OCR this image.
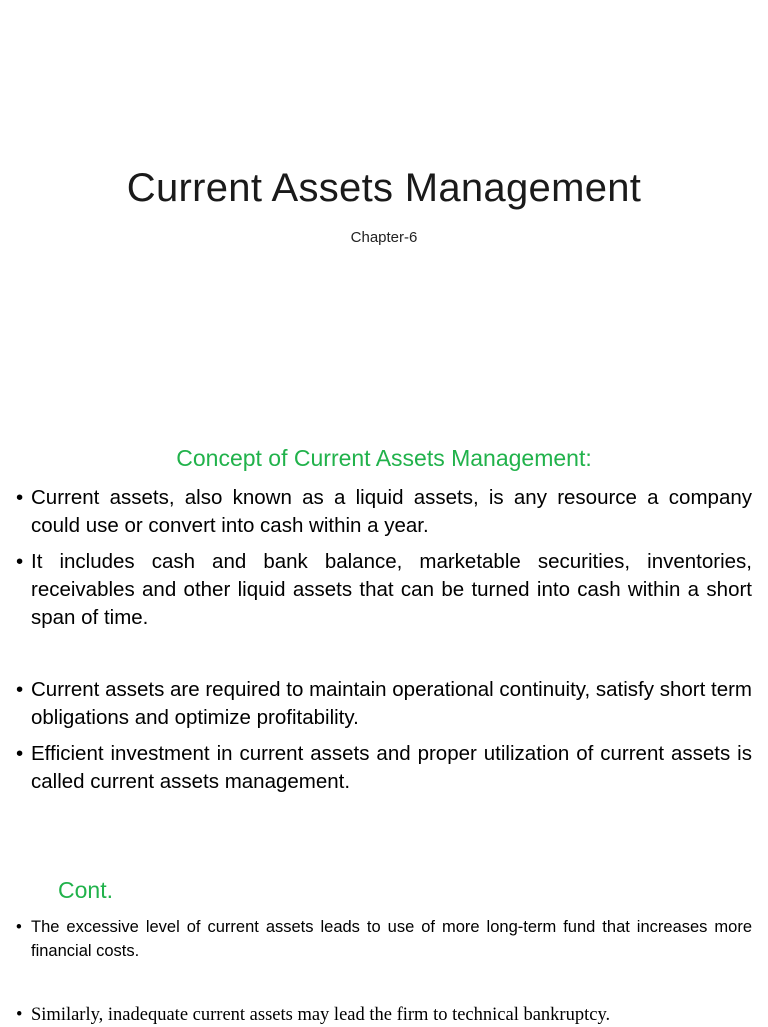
Current Assets Management
Chapter-6
Concept of Current Assets Management:
• Current assets, also known as a liquid assets, is any resource a company could use or convert into cash within a year.
• It includes cash and bank balance, marketable securities, inventories, receivables and other liquid assets that can be turned into cash within a short span of time.
• Current assets are required to maintain operational continuity, satisfy short term obligations and optimize profitability.
• Efficient investment in current assets and proper utilization of current assets is called current assets management.
Cont.
• The excessive level of current assets leads to use of more long-term fund that increases more financial costs.
• Similarly, inadequate current assets may lead the firm to technical bankruptcy.
